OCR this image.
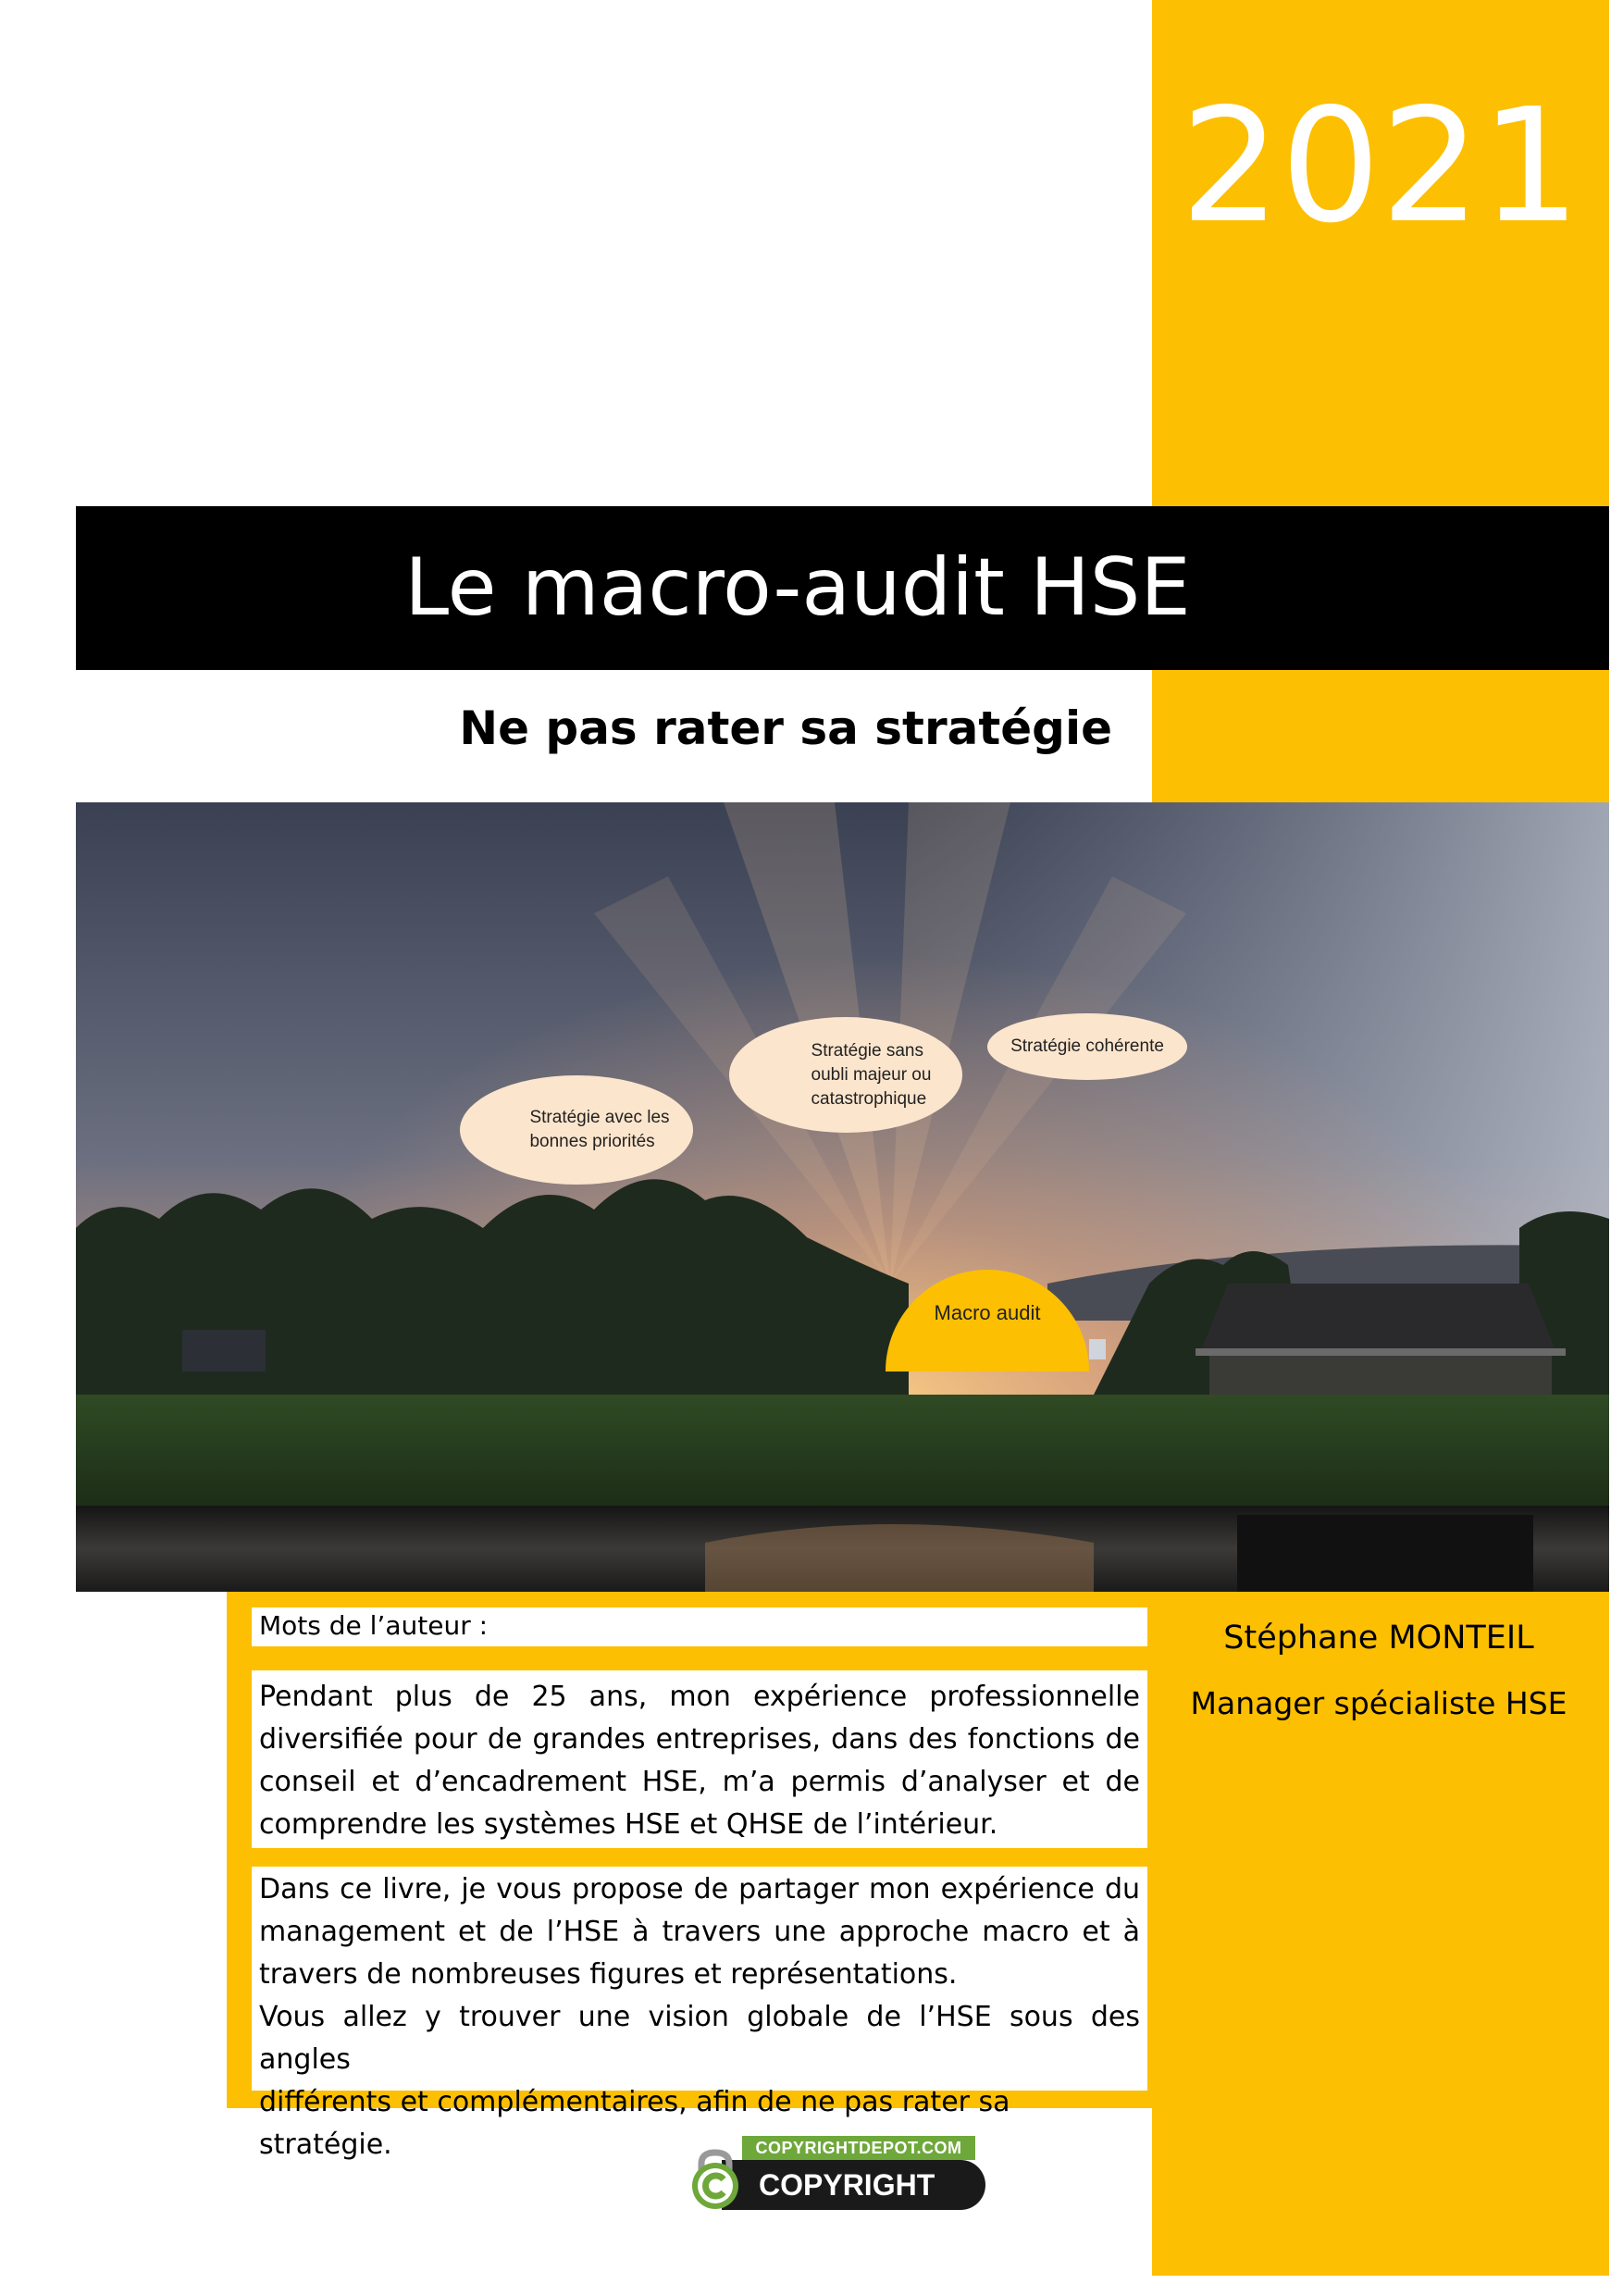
2021
Le macro-audit HSE
Ne pas rater sa stratégie
Stratégie avec les
bonnes priorités
Stratégie sans
oubli majeur ou
catastrophique
Stratégie cohérente
Macro audit
Mots de l’auteur :
Pendant plus de 25 ans, mon expérience professionnelle
diversifiée pour de grandes entreprises, dans des fonctions de
conseil et d’encadrement HSE, m’a permis d’analyser et de
comprendre les systèmes HSE et QHSE de l’intérieur.
Dans ce livre, je vous propose de partager mon expérience du
management et de l’HSE à travers une approche macro et à
travers de nombreuses figures et représentations.
Vous allez y trouver une vision globale de l’HSE sous des angles
différents et complémentaires, afin de ne pas rater sa stratégie.
Stéphane MONTEIL
Manager spécialiste HSE
COPYRIGHTDEPOT.COM
COPYRIGHT
